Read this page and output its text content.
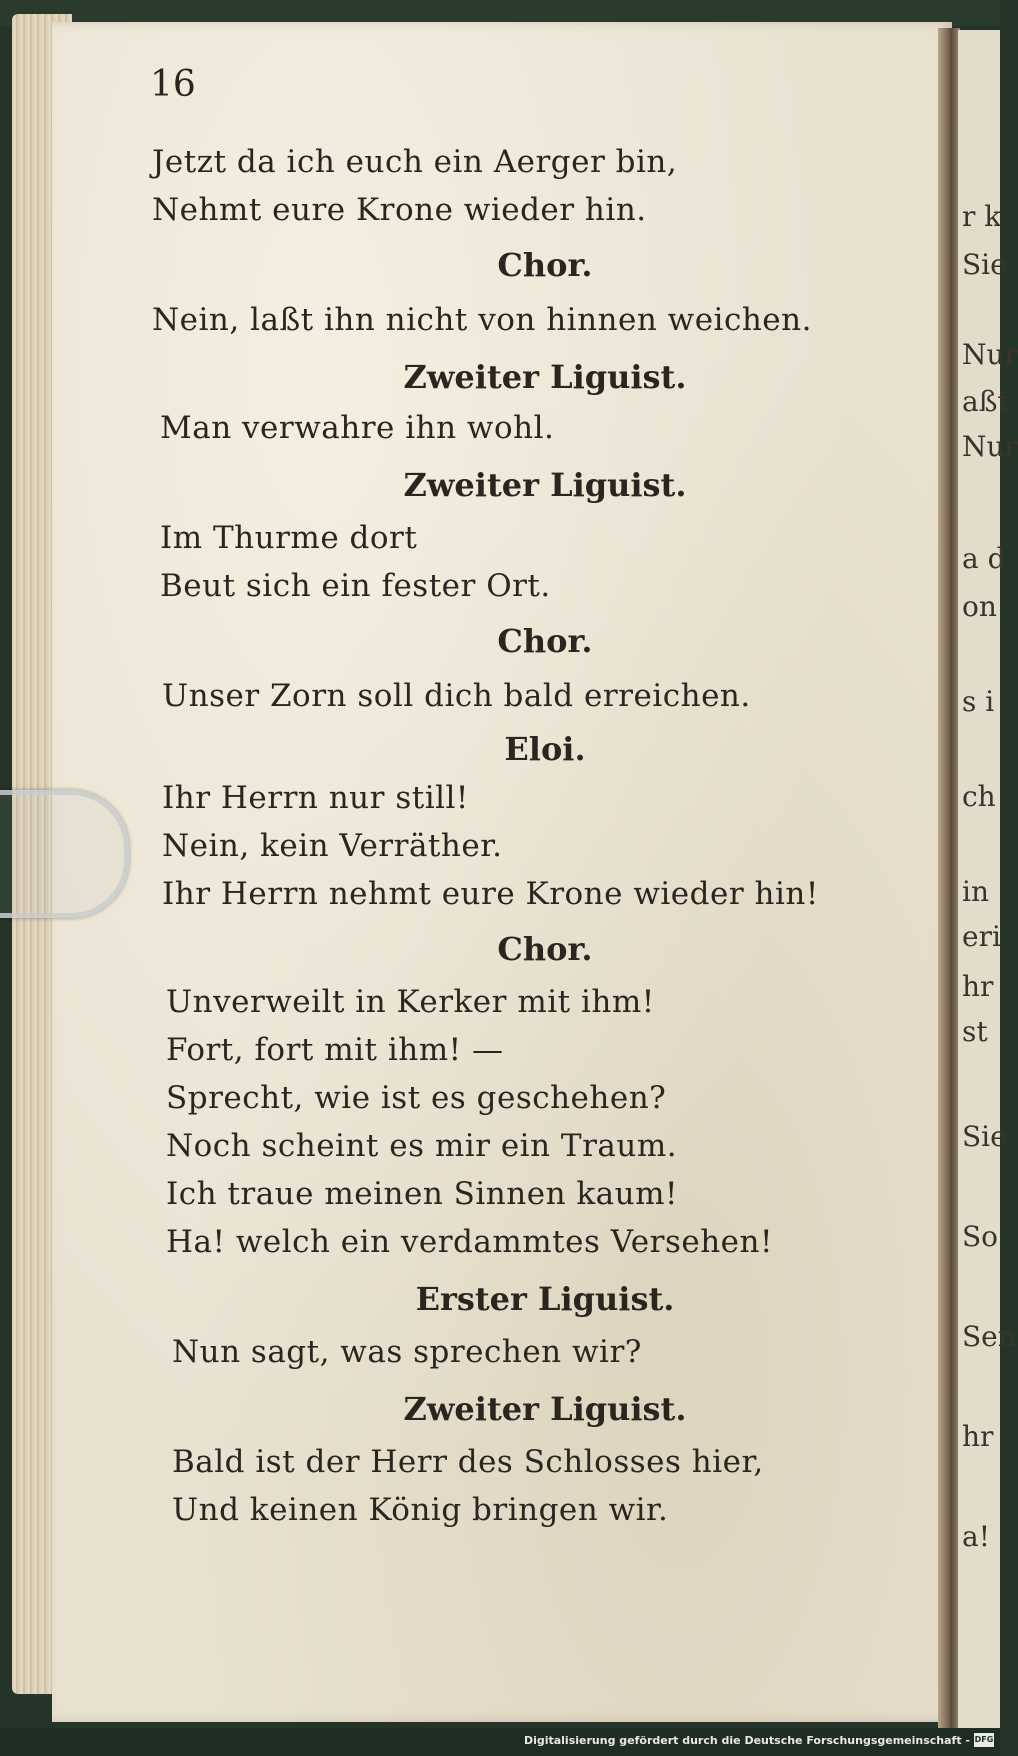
r k
Sie
Nur
aßt
Nur
a d
on
s i
ch
in
eri
hr
st
Sie
So
Sen
hr
a!
16
Jetzt da ich euch ein Aerger bin,
Nehmt eure Krone wieder hin.
Chor.
Nein, laßt ihn nicht von hinnen weichen.
Zweiter Liguist.
Man verwahre ihn wohl.
Zweiter Liguist.
Im Thurme dort
Beut sich ein fester Ort.
Chor.
Unser Zorn soll dich bald erreichen.
Eloi.
Ihr Herrn nur still!
Nein, kein Verräther.
Ihr Herrn nehmt eure Krone wieder hin!
Chor.
Unverweilt in Kerker mit ihm!
Fort, fort mit ihm! —
Sprecht, wie ist es geschehen?
Noch scheint es mir ein Traum.
Ich traue meinen Sinnen kaum!
Ha! welch ein verdammtes Versehen!
Erster Liguist.
Nun sagt, was sprechen wir?
Zweiter Liguist.
Bald ist der Herr des Schlosses hier,
Und keinen König bringen wir.
Digitalisierung gefördert durch die Deutsche Forschungsgemeinschaft - DFG
